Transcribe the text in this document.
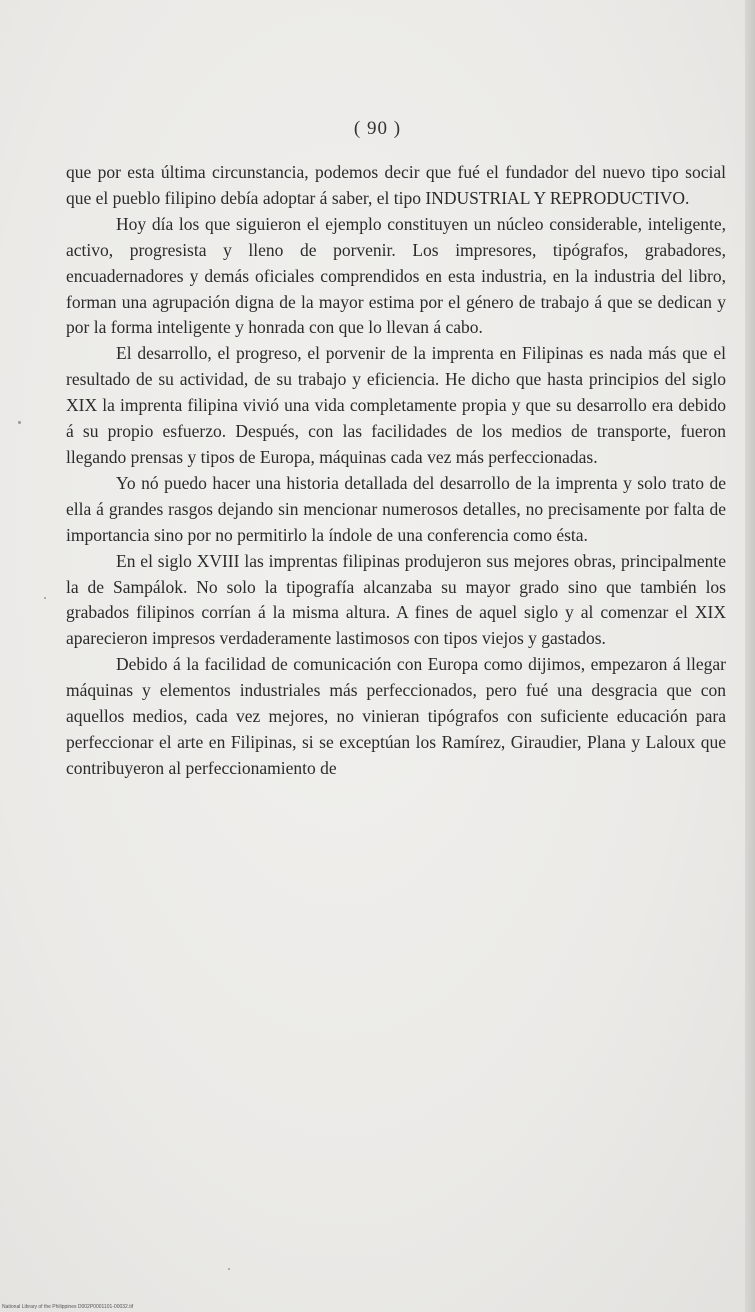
( 90 )

que por esta última circunstancia, podemos decir que fué el fundador del nuevo tipo social que el pueblo filipino debía adoptar á saber, el tipo INDUSTRIAL Y REPRODUCTIVO.

Hoy día los que siguieron el ejemplo constituyen un núcleo considerable, inteligente, activo, progresista y lleno de porvenir. Los impresores, tipógrafos, grabadores, encuadernadores y demás oficiales comprendidos en esta industria, en la industria del libro, forman una agrupación digna de la mayor estima por el género de trabajo á que se dedican y por la forma inteligente y honrada con que lo llevan á cabo.

El desarrollo, el progreso, el porvenir de la imprenta en Filipinas es nada más que el resultado de su actividad, de su trabajo y eficiencia. He dicho que hasta principios del siglo XIX la imprenta filipina vivió una vida completamente propia y que su desarrollo era debido á su propio esfuerzo. Después, con las facilidades de los medios de transporte, fueron llegando prensas y tipos de Europa, máquinas cada vez más perfeccionadas.

Yo nó puedo hacer una historia detallada del desarrollo de la imprenta y solo trato de ella á grandes rasgos dejando sin mencionar numerosos detalles, no precisamente por falta de importancia sino por no permitirlo la índole de una conferencia como ésta.

En el siglo XVIII las imprentas filipinas produjeron sus mejores obras, principalmente la de Sampálok. No solo la tipografía alcanzaba su mayor grado sino que también los grabados filipinos corrían á la misma altura. A fines de aquel siglo y al comenzar el XIX aparecieron impresos verdaderamente lastimosos con tipos viejos y gastados.

Debido á la facilidad de comunicación con Europa como dijimos, empezaron á llegar máquinas y elementos industriales más perfeccionados, pero fué una desgracia que con aquellos medios, cada vez mejores, no vinieran tipógrafos con suficiente educación para perfeccionar el arte en Filipinas, si se exceptúan los Ramírez, Giraudier, Plana y Laloux que contribuyeron al perfeccionamiento de

National Library of the Philippines D002P0001101-00032.tif
